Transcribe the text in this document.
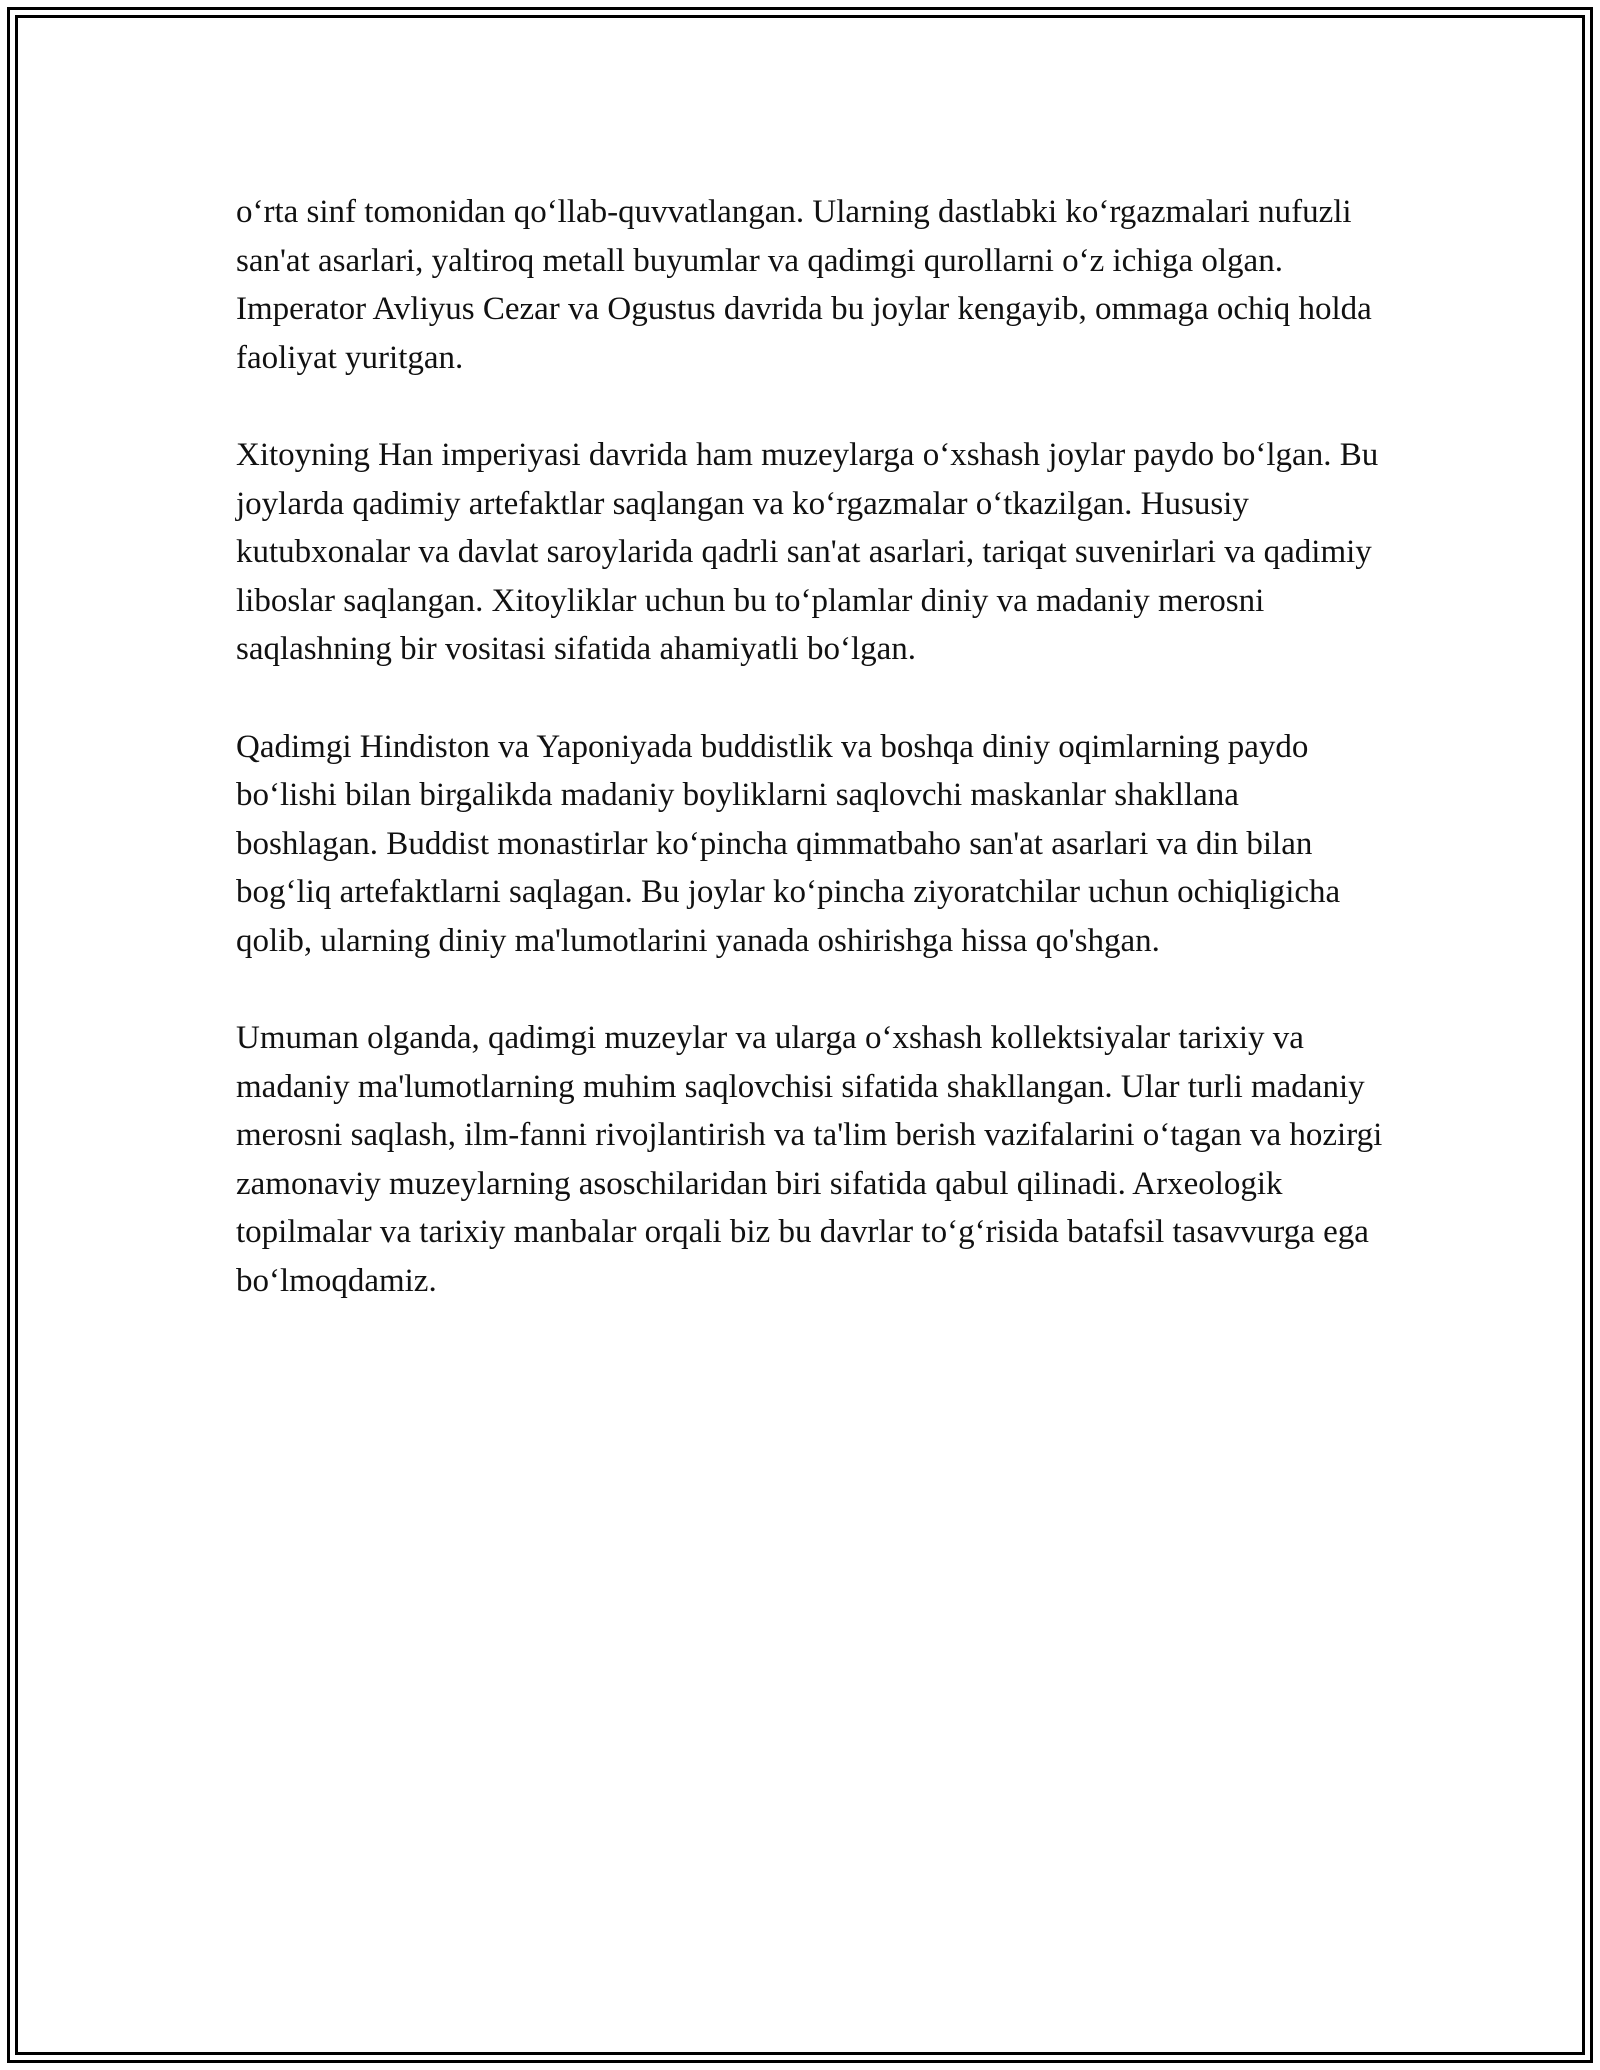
o‘rta sinf tomonidan qo‘llab-quvvatlangan. Ularning dastlabki ko‘rgazmalari nufuzli san'at asarlari, yaltiroq metall buyumlar va qadimgi qurollarni o‘z ichiga olgan. Imperator Avliyus Cezar va Ogustus davrida bu joylar kengayib, ommaga ochiq holda faoliyat yuritgan.

Xitoyning Han imperiyasi davrida ham muzeylarga o‘xshash joylar paydo bo‘lgan. Bu joylarda qadimiy artefaktlar saqlangan va ko‘rgazmalar o‘tkazilgan. Hususiy kutubxonalar va davlat saroylarida qadrli san'at asarlari, tariqat suvenirlari va qadimiy liboslar saqlangan. Xitoyliklar uchun bu to‘plamlar diniy va madaniy merosni saqlashning bir vositasi sifatida ahamiyatli bo‘lgan.

Qadimgi Hindiston va Yaponiyada buddistlik va boshqa diniy oqimlarning paydo bo‘lishi bilan birgalikda madaniy boyliklarni saqlovchi maskanlar shakllana boshlagan. Buddist monastirlar ko‘pincha qimmatbaho san'at asarlari va din bilan bog‘liq artefaktlarni saqlagan. Bu joylar ko‘pincha ziyoratchilar uchun ochiqligicha qolib, ularning diniy ma'lumotlarini yanada oshirishga hissa qo'shgan.

Umuman olganda, qadimgi muzeylar va ularga o‘xshash kollektsiyalar tarixiy va madaniy ma'lumotlarning muhim saqlovchisi sifatida shakllangan. Ular turli madaniy merosni saqlash, ilm-fanni rivojlantirish va ta'lim berish vazifalarini o‘tagan va hozirgi zamonaviy muzeylarning asoschilaridan biri sifatida qabul qilinadi. Arxeologik topilmalar va tarixiy manbalar orqali biz bu davrlar to‘g‘risida batafsil tasavvurga ega bo‘lmoqdamiz.
